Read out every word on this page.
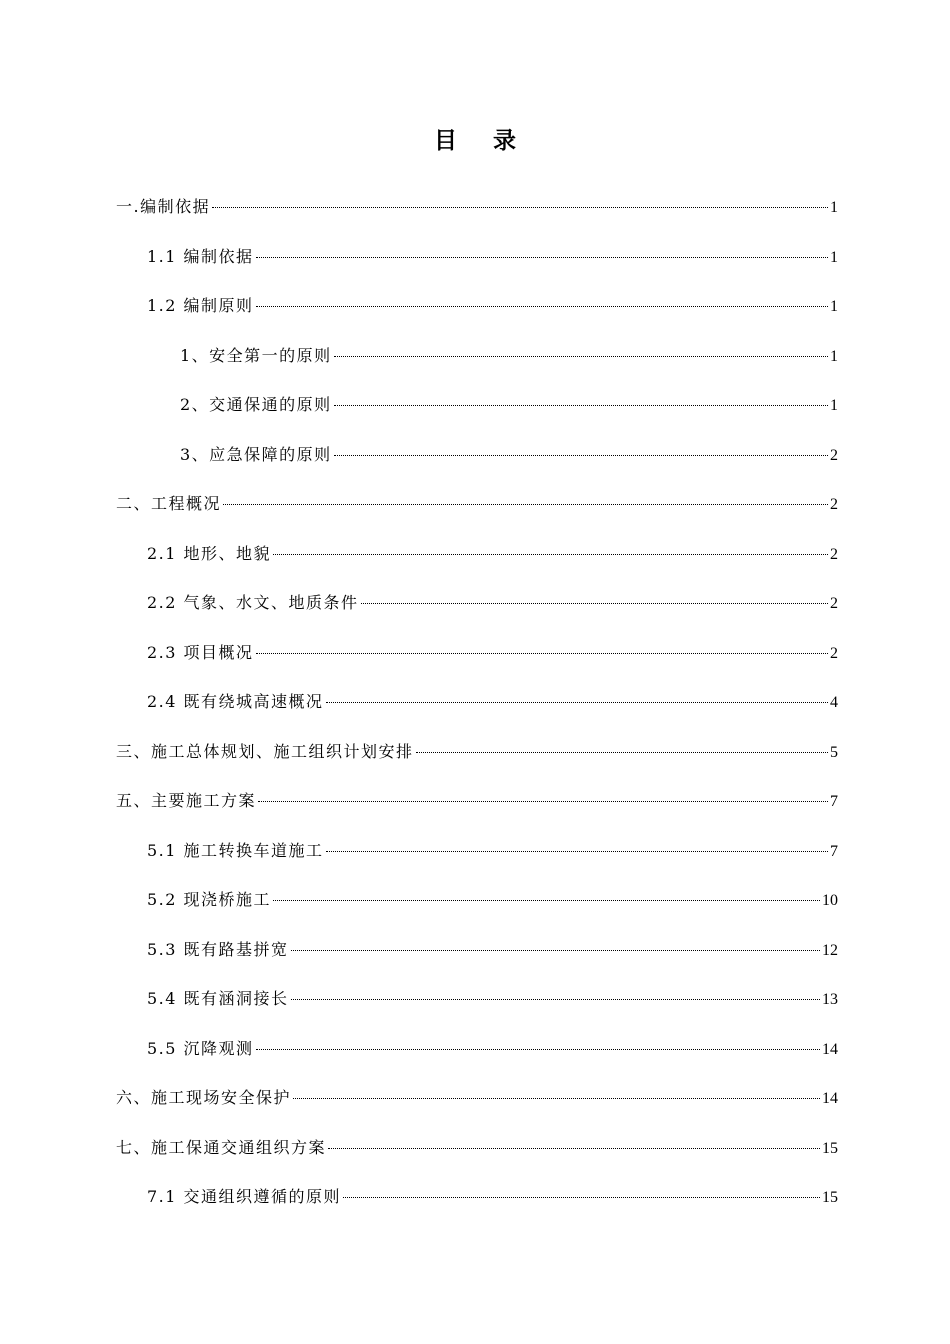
目 录
一.编制依据	1
1.1 编制依据	1
1.2 编制原则	1
1、安全第一的原则	1
2、交通保通的原则	1
3、应急保障的原则	2
二、工程概况	2
2.1 地形、地貌	2
2.2 气象、水文、地质条件	2
2.3 项目概况	2
2.4 既有绕城高速概况	4
三、施工总体规划、施工组织计划安排	5
五、主要施工方案	7
5.1 施工转换车道施工	7
5.2 现浇桥施工	10
5.3 既有路基拼宽	12
5.4 既有涵洞接长	13
5.5 沉降观测	14
六、施工现场安全保护	14
七、施工保通交通组织方案	15
7.1 交通组织遵循的原则	15
